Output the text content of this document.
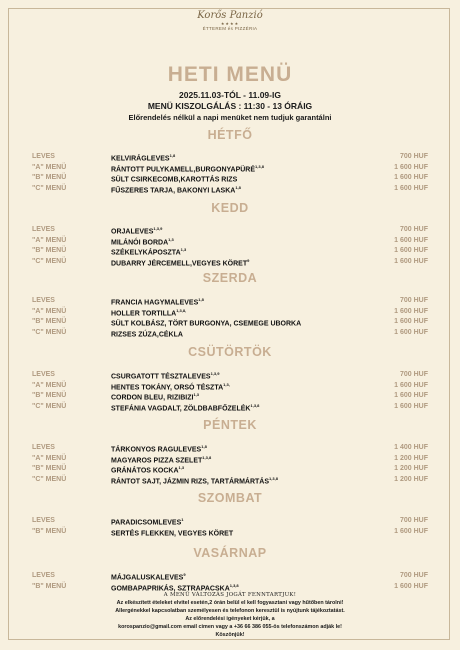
Korős Panzió
★★★★
ÉTTEREM és PIZZÉRIA
HETI MENÜ
2025.11.03-TÓL - 11.09-IG
MENÜ KISZOLGÁLÁS : 11:30 - 13 ÓRÁIG
Előrendelés nélkül a napi menüket nem tudjuk garantálni
HÉTFŐ
LEVES	KELVIRÁGLEVES$^{1,8}$	700 HUF
"A" MENÜ	RÁNTOTT PULYKAMELL,BURGONYAPÜRÉ$^{1,3,8}$	1 600 HUF
"B" MENÜ	SÜLT CSIRKECOMB,KAROTTÁS RIZS	1 600 HUF
"C" MENÜ	FŰSZERES TARJA, BAKONYI LASKA$^{1,8}$	1 600 HUF
KEDD
LEVES	ORJALEVES$^{1,3,9}$	700 HUF
"A" MENÜ	MILÁNÓI BORDA$^{1,3}$	1 600 HUF
"B" MENÜ	SZÉKELYKÁPOSZTA$^{1,3}$	1 600 HUF
"C" MENÜ	DUBARRY JÉRCEMELL,VEGYES KÖRET$^9$	1 600 HUF
SZERDA
LEVES	FRANCIA HAGYMALEVES$^{1,8}$	700 HUF
"A" MENÜ	HOLLER $TORTILLA^{1,3,8,}$	1 600 HUF
"B" MENÜ	SÜLT KOLBÁSZ, TÖRT BURGONYA, CSEMEGE UBORKA	1 600 HUF
"C" MENÜ	RIZSES ZÚZA,CÉKLA	1 600 HUF
CSÜTÖRTÖK
LEVES	CSURGATOTT TÉSZTALEVES$^{1,3,9}$	700 HUF
"A" MENÜ	HENTES TOKÁNY, ORSÓ $TÉSZTA^{1,3,}$	1 600 HUF
"B" MENÜ	CORDON BLEU, RIZIBIZI$^{1,3}$	1 600 HUF
"C" MENÜ	STEFÁNIA VAGDALT, ZÖLDBABFŐZELÉK$^{1,3,8}$	1 600 HUF
PÉNTEK
LEVES	TÁRKONYOS RAGULEVES$^{1,8}$	1 400 HUF
"A" MENÜ	MAGYAROS PIZZA SZELET$^{1,3,8}$	1 200 HUF
"B" MENÜ	GRÁNÁTOS KOCKA$^{1,3}$	1 200 HUF
"C" MENÜ	RÁNTOT SAJT, JÁZMIN RIZS, TARTÁRMÁRTÁS$^{1,3,8}$	1 200 HUF
SZOMBAT
LEVES	PARADICSOMLEVES$^1$	700 HUF
"B" MENÜ	SERTÉS FLEKKEN, VEGYES KÖRET	1 600 HUF
VASÁRNAP
LEVES	MÁJGALUSKALEVES$^9$	700 HUF
"B" MENÜ	GOMBAPAPRIKÁS, SZTRAPACSKA$^{1,3,8}$	1 600 HUF
A MENÜ VÁLTOZÁS JOGÁT FENNTARTJUK!
Az elkészített ételeket elvitel esetén,2 órán belül el kell fogyasztani vagy hűtőben tárolni!
Allergénekkel kapcsolatban személyesen és telefonon keresztül is nyújtunk tájékoztatást.
Az előrendelési igényeket kérjük, a
korospanzio@gmail.com email cimen vagy a +36 66 386 055-ös telefonszámon adják le!
Köszönjük!
